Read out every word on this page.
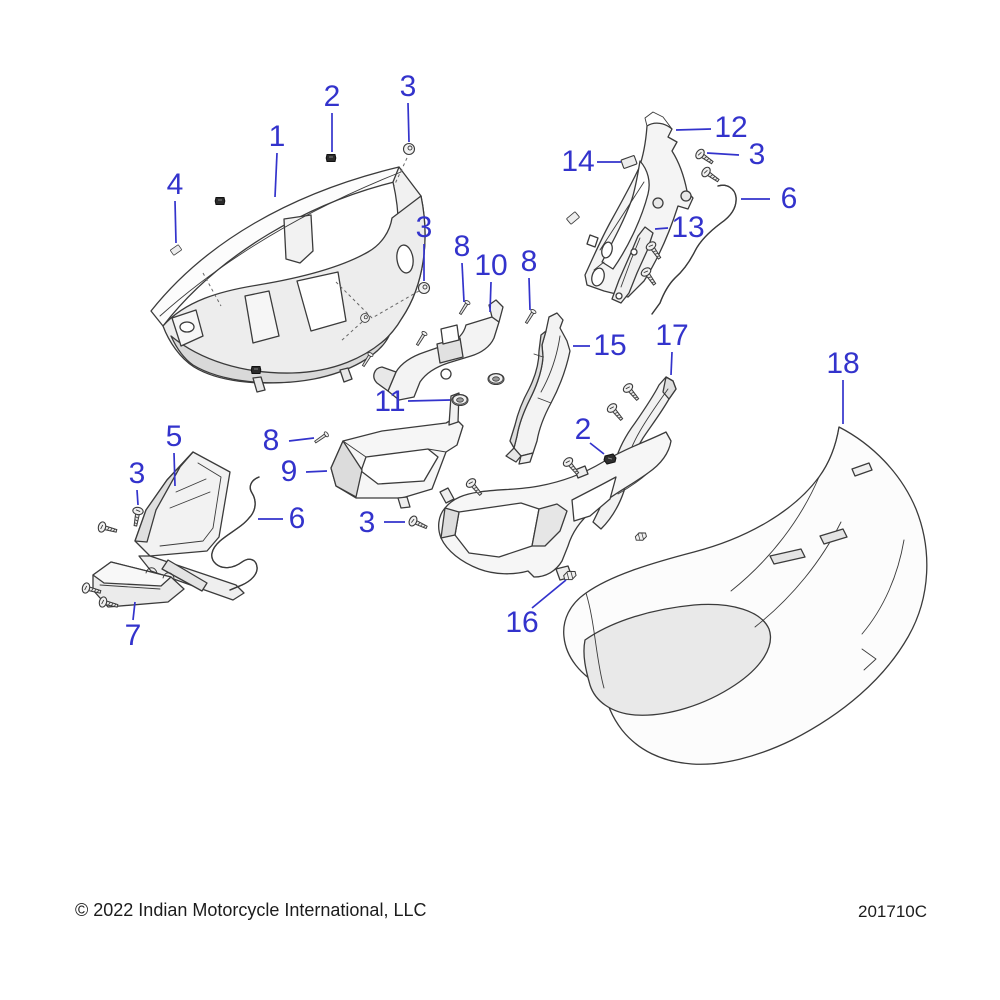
1
2 3
4
12
14	3
6
13
3
8
10 8
15 17
11
2
18
5
3
8
9
6 3
7	16
© 2022 Indian Motorcycle International, LLC	201710C
